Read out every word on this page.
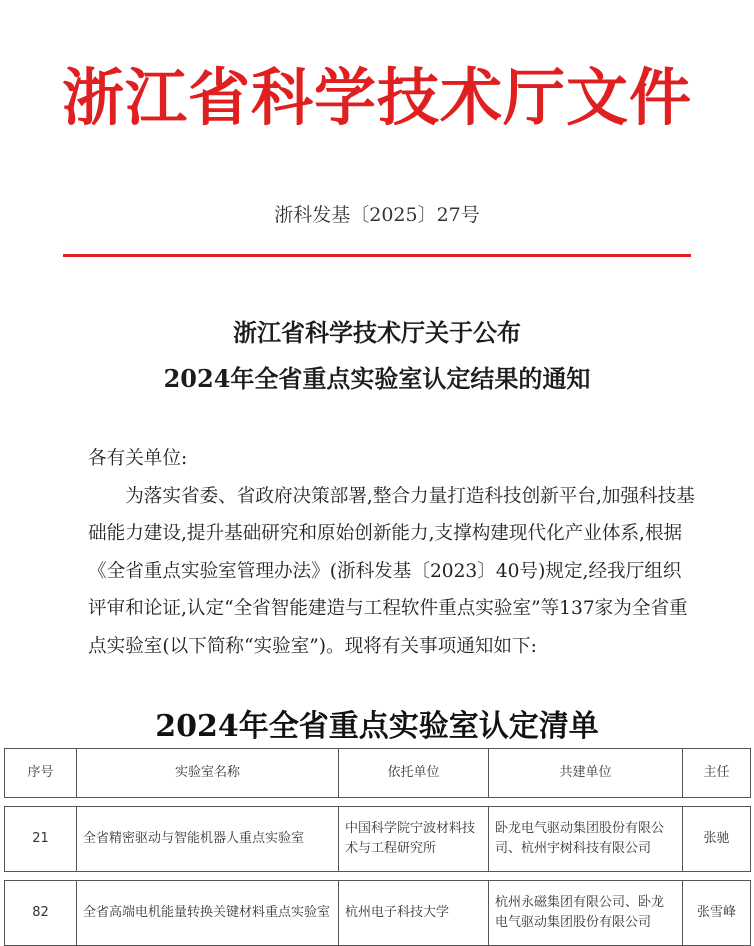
浙江省科学技术厅文件
浙科发基〔2025〕27号
浙江省科学技术厅关于公布
2024年全省重点实验室认定结果的通知

各有关单位:

为落实省委、省政府决策部署,整合力量打造科技创新平台,加强科技基础能力建设,提升基础研究和原始创新能力,支撑构建现代化产业体系,根据《全省重点实验室管理办法》(浙科发基〔2023〕40号)规定,经我厅组织评审和论证,认定“全省智能建造与工程软件重点实验室”等137家为全省重点实验室(以下简称“实验室”)。现将有关事项通知如下:

2024年全省重点实验室认定清单
序号	实验室名称	依托单位	共建单位	主任

21	全省精密驱动与智能机器人重点实验室	中国科学院宁波材料技术与工程研究所	卧龙电气驱动集团股份有限公司、杭州宇树科技有限公司	张驰

82	全省高端电机能量转换关键材料重点实验室	杭州电子科技大学	杭州永磁集团有限公司、卧龙电气驱动集团股份有限公司	张雪峰
